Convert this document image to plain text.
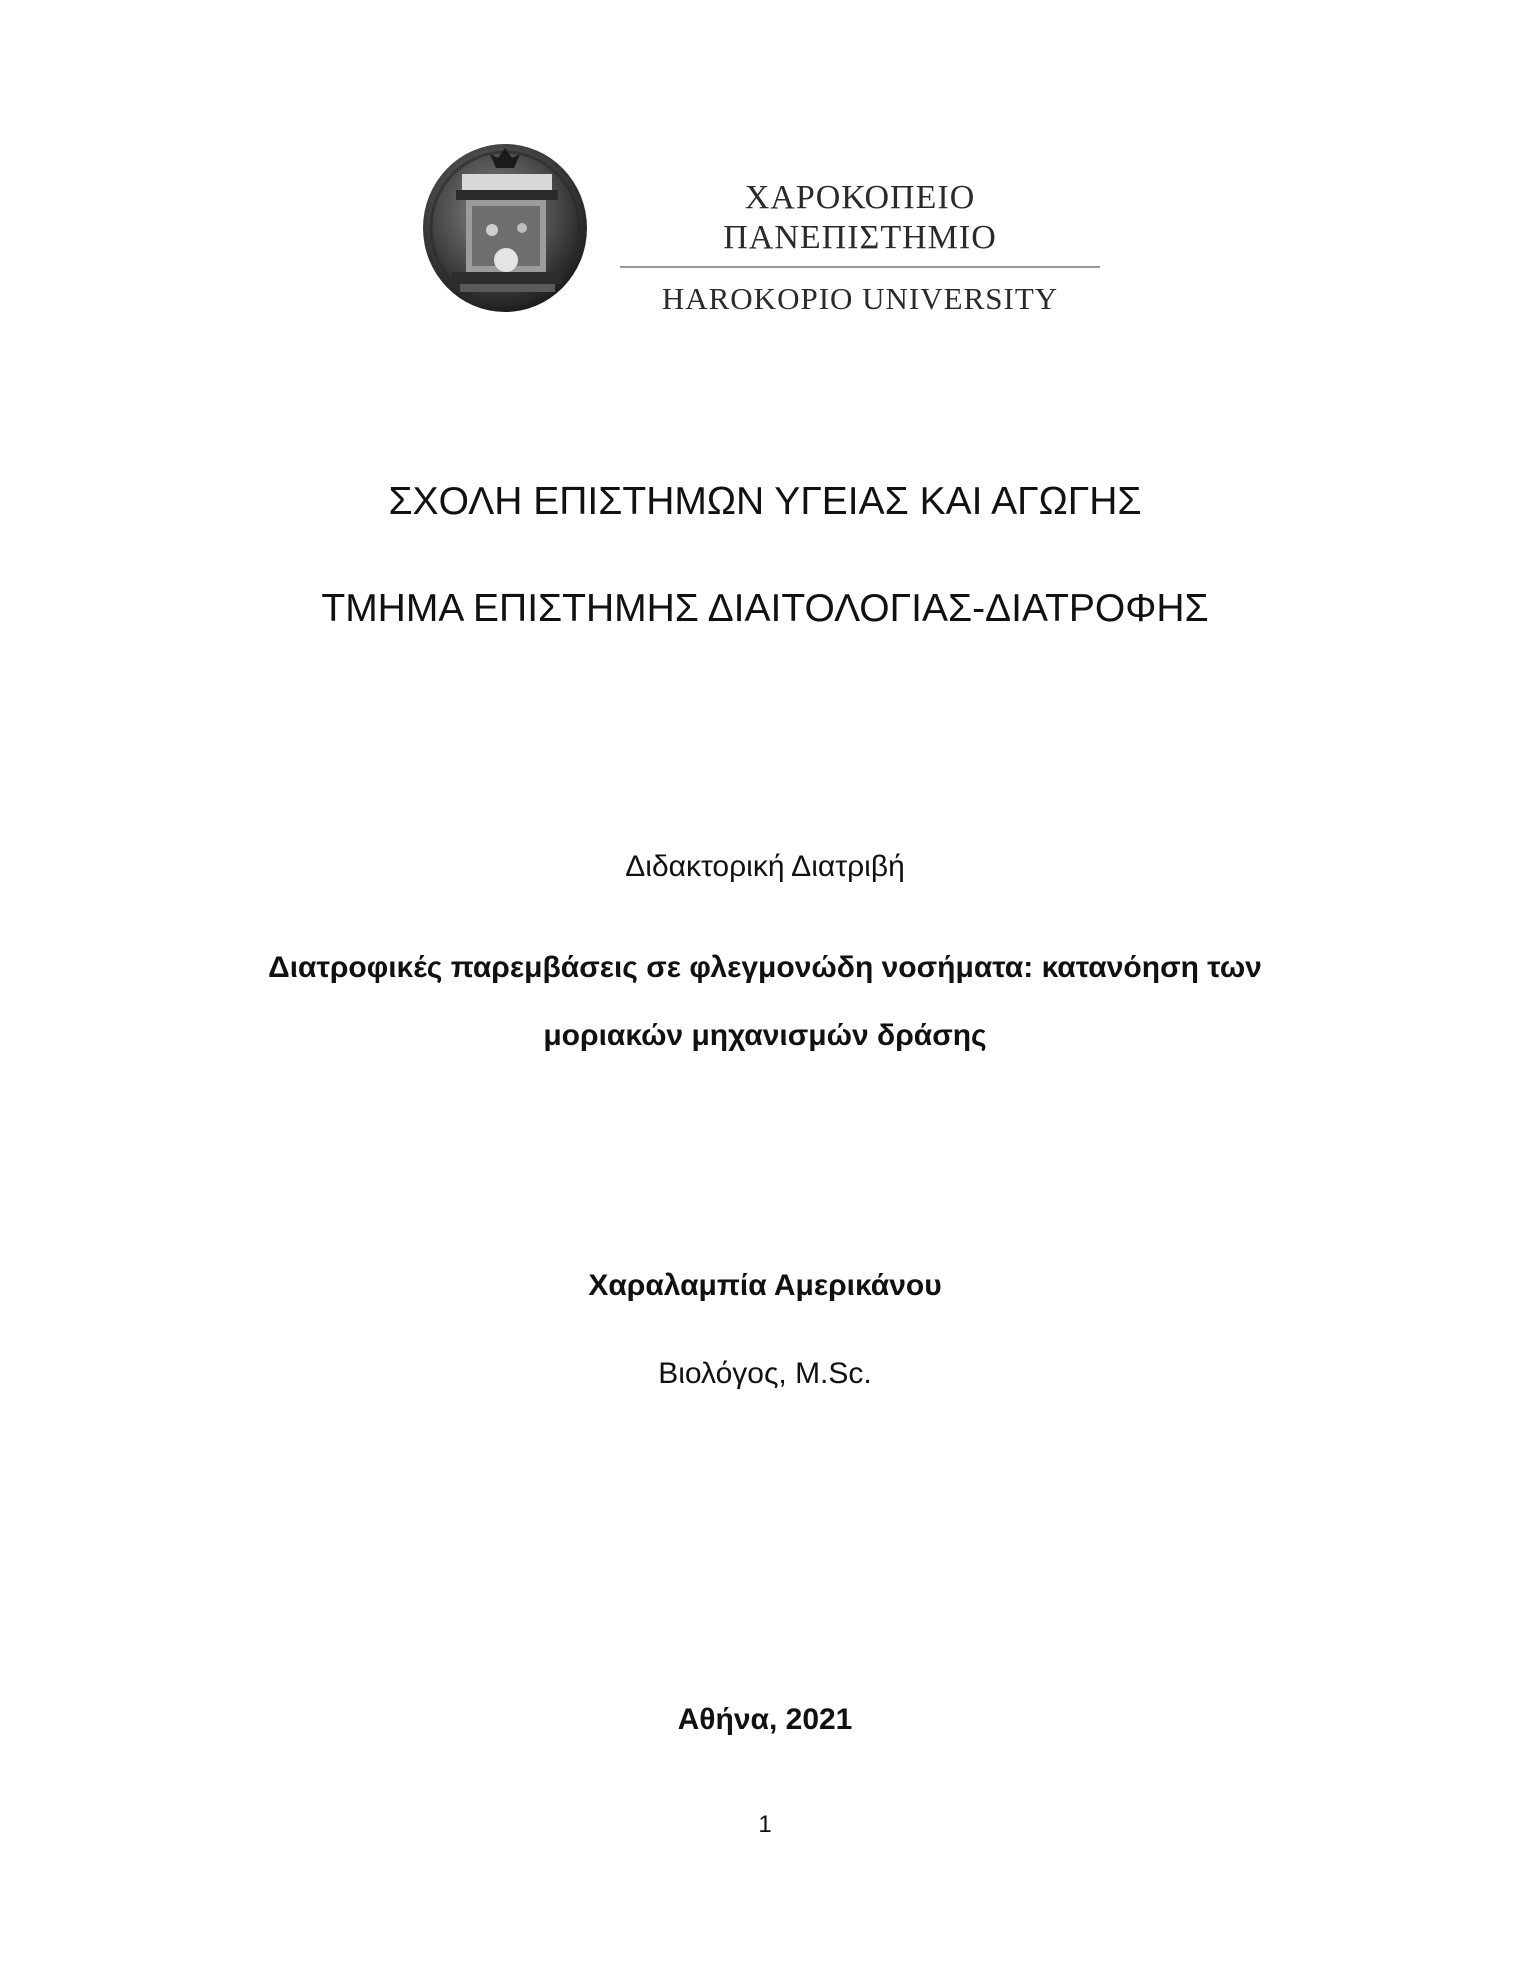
ΧΑΡΟΚΟΠΕΙΟ ΠΑΝΕΠΙΣΤΗΜΙΟ
HAROKOPIO UNIVERSITY
ΣΧΟΛΗ ΕΠΙΣΤΗΜΩΝ ΥΓΕΙΑΣ ΚΑΙ ΑΓΩΓΗΣ
ΤΜΗΜΑ ΕΠΙΣΤΗΜΗΣ ΔΙΑΙΤΟΛΟΓΙΑΣ-ΔΙΑΤΡΟΦΗΣ
Διδακτορική Διατριβή
Διατροφικές παρεμβάσεις σε φλεγμονώδη νοσήματα: κατανόηση των
μοριακών μηχανισμών δράσης
Χαραλαμπία Αμερικάνου
Βιολόγος, M.Sc.
Αθήνα, 2021
1
